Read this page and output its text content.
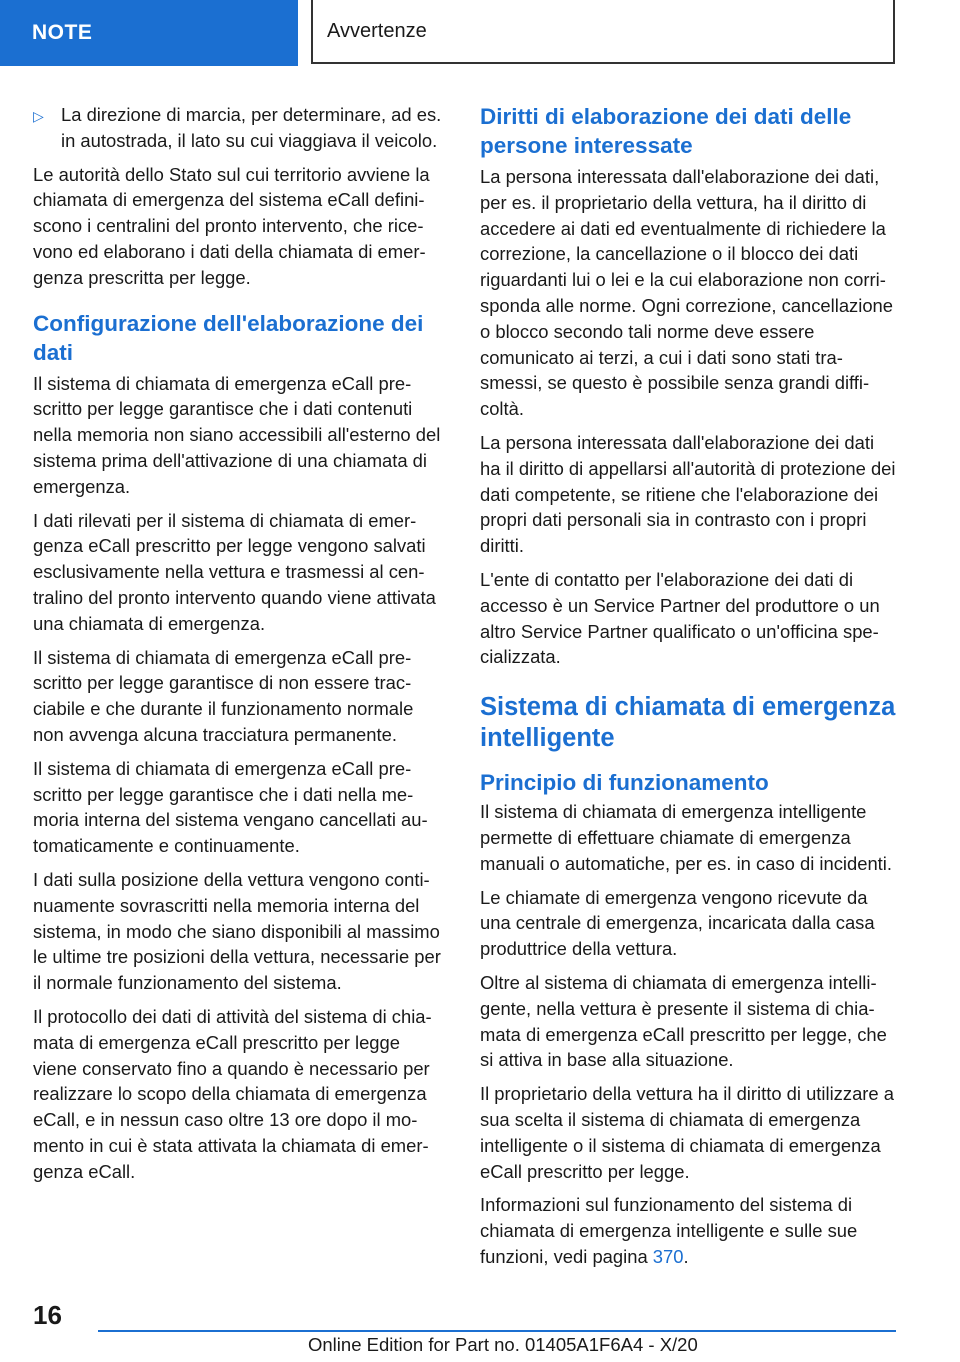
NOTE	Avvertenze
▷ La direzione di marcia, per determinare, ad es. in autostrada, il lato su cui viaggiava il veicolo.

Le autorità dello Stato sul cui territorio avviene la chiamata di emergenza del sistema eCall definiscono i centralini del pronto intervento, che ricevono ed elaborano i dati della chiamata di emergenza prescritta per legge.

Configurazione dell'elaborazione dei dati

Il sistema di chiamata di emergenza eCall prescritto per legge garantisce che i dati contenuti nella memoria non siano accessibili all'esterno del sistema prima dell'attivazione di una chiamata di emergenza.

I dati rilevati per il sistema di chiamata di emergenza eCall prescritto per legge vengono salvati esclusivamente nella vettura e trasmessi al centralino del pronto intervento quando viene attivata una chiamata di emergenza.

Il sistema di chiamata di emergenza eCall prescritto per legge garantisce di non essere tracciabile e che durante il funzionamento normale non avvenga alcuna tracciatura permanente.

Il sistema di chiamata di emergenza eCall prescritto per legge garantisce che i dati nella memoria interna del sistema vengano cancellati automaticamente e continuamente.

I dati sulla posizione della vettura vengono continuamente sovrascritti nella memoria interna del sistema, in modo che siano disponibili al massimo le ultime tre posizioni della vettura, necessarie per il normale funzionamento del sistema.

Il protocollo dei dati di attività del sistema di chiamata di emergenza eCall prescritto per legge viene conservato fino a quando è necessario per realizzare lo scopo della chiamata di emergenza eCall, e in nessun caso oltre 13 ore dopo il momento in cui è stata attivata la chiamata di emergenza eCall.

Diritti di elaborazione dei dati delle persone interessate

La persona interessata dall'elaborazione dei dati, per es. il proprietario della vettura, ha il diritto di accedere ai dati ed eventualmente di richiedere la correzione, la cancellazione o il blocco dei dati riguardanti lui o lei e la cui elaborazione non corrisponda alle norme. Ogni correzione, cancellazione o blocco secondo tali norme deve essere comunicato ai terzi, a cui i dati sono stati trasmessi, se questo è possibile senza grandi difficoltà.

La persona interessata dall'elaborazione dei dati ha il diritto di appellarsi all'autorità di protezione dei dati competente, se ritiene che l'elaborazione dei propri dati personali sia in contrasto con i propri diritti.

L'ente di contatto per l'elaborazione dei dati di accesso è un Service Partner del produttore o un altro Service Partner qualificato o un'officina specializzata.

Sistema di chiamata di emergenza intelligente
Principio di funzionamento

Il sistema di chiamata di emergenza intelligente permette di effettuare chiamate di emergenza manuali o automatiche, per es. in caso di incidenti.

Le chiamate di emergenza vengono ricevute da una centrale di emergenza, incaricata dalla casa produttrice della vettura.

Oltre al sistema di chiamata di emergenza intelligente, nella vettura è presente il sistema di chiamata di emergenza eCall prescritto per legge, che si attiva in base alla situazione.

Il proprietario della vettura ha il diritto di utilizzare a sua scelta il sistema di chiamata di emergenza intelligente o il sistema di chiamata di emergenza eCall prescritto per legge.

Informazioni sul funzionamento del sistema di chiamata di emergenza intelligente e sulle sue funzioni, vedi pagina 370.

16
Online Edition for Part no. 01405A1F6A4 - X/20
